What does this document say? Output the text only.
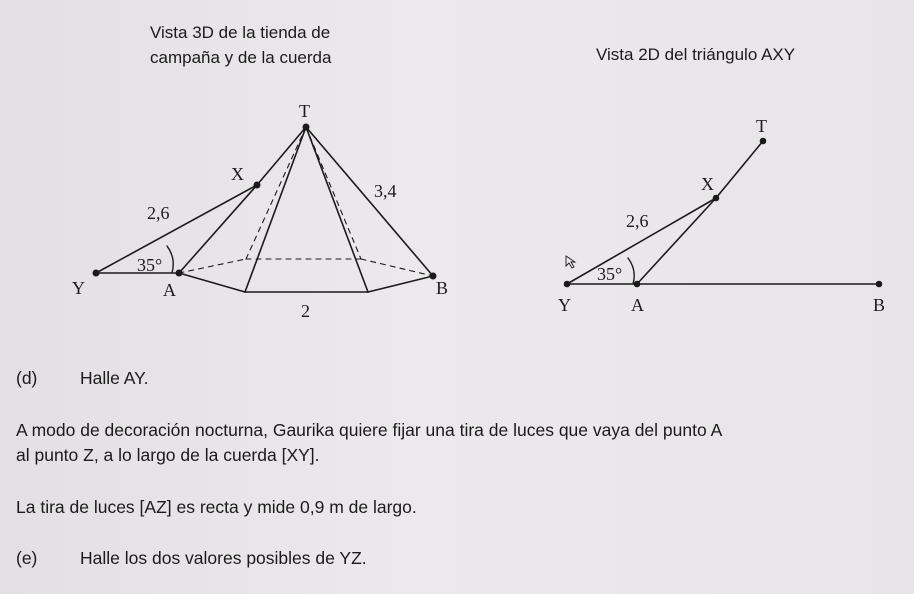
Vista 3D de la tienda de
campaña y de la cuerda	Vista 2D del triángulo AXY
T
X
Y	A	B
2,6
3,4
2
35°
T
X
Y	A	B
2,6
35°
(d) Halle AY.
A modo de decoración nocturna, Gaurika quiere fijar una tira de luces que vaya del punto A
al punto Z, a lo largo de la cuerda [XY].
La tira de luces [AZ] es recta y mide 0,9 m de largo.
(e) Halle los dos valores posibles de YZ.
